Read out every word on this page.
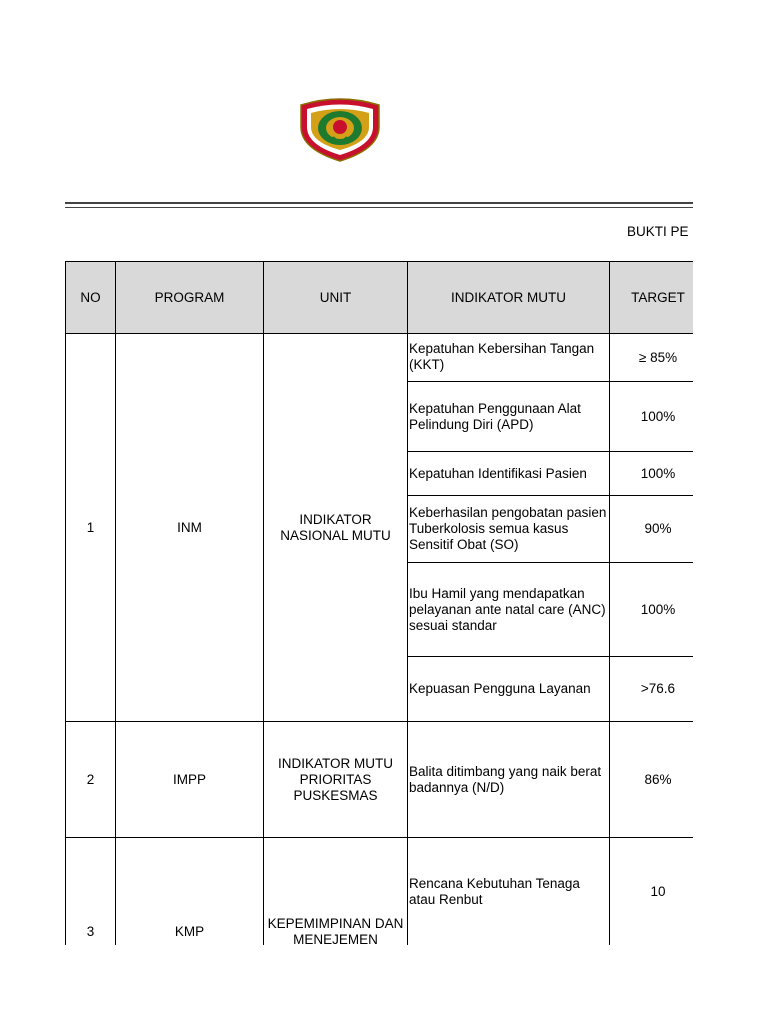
BUKTI PE
NO	PROGRAM	UNIT	INDIKATOR MUTU	TARGET
1	INM	INDIKATOR NASIONAL MUTU	Kepatuhan Kebersihan Tangan (KKT)	≥ 85%
			Kepatuhan Penggunaan Alat Pelindung Diri (APD)	100%
			Kepatuhan Identifikasi Pasien	100%
			Keberhasilan pengobatan pasien Tuberkolosis semua kasus Sensitif Obat (SO)	90%
			Ibu Hamil yang mendapatkan pelayanan ante natal care (ANC) sesuai standar	100%
			Kepuasan Pengguna Layanan	>76.6
2	IMPP	INDIKATOR MUTU PRIORITAS PUSKESMAS	Balita ditimbang yang naik berat badannya (N/D)	86%
3	KMP	KEPEMIMPINAN DAN MENEJEMEN	Rencana Kebutuhan Tenaga atau Renbut	10
